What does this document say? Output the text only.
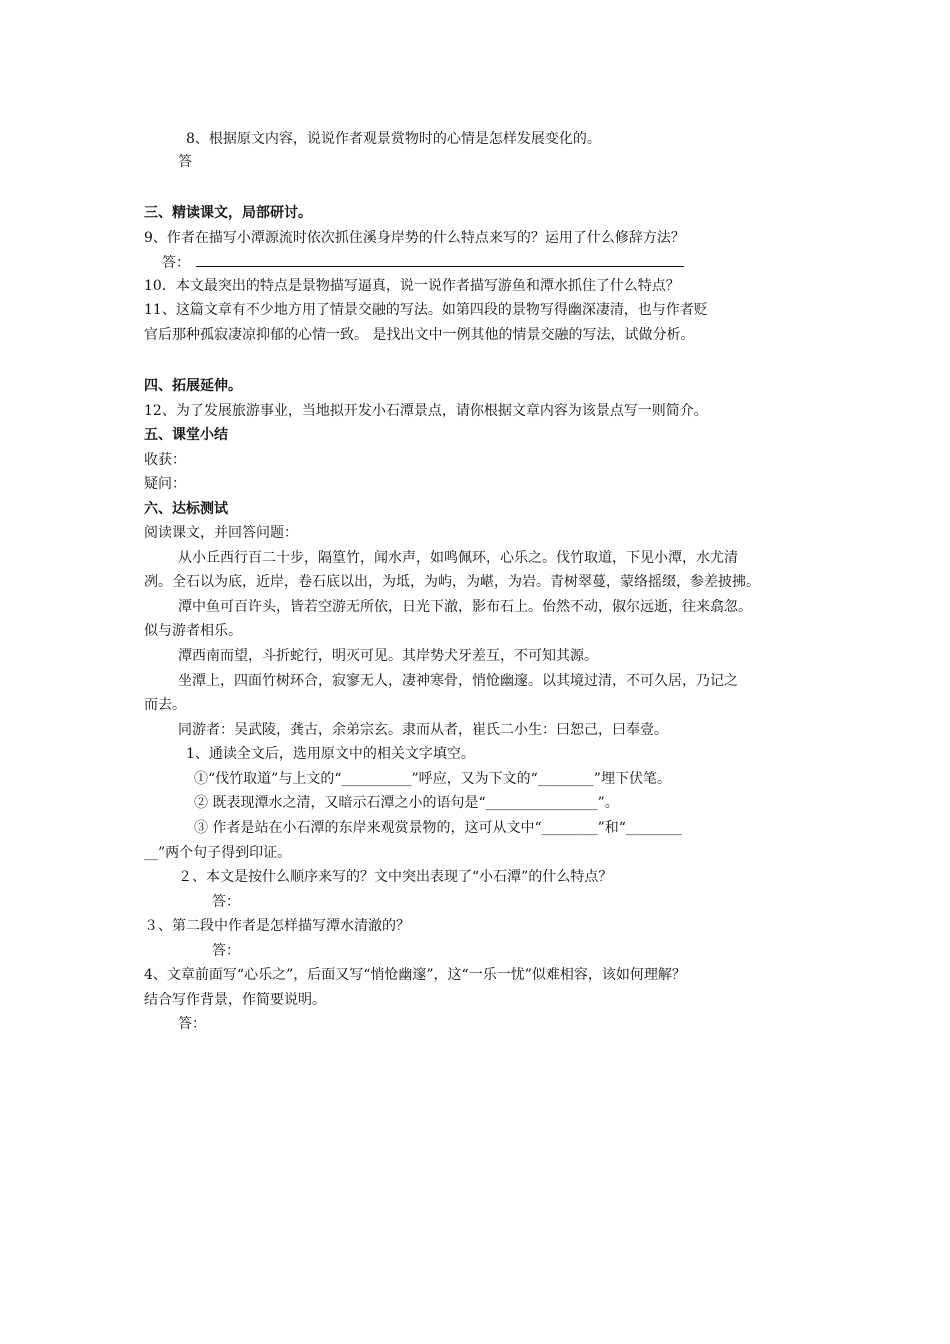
8、根据原文内容，说说作者观景赏物时的心情是怎样发展变化的。
答
三、精读课文，局部研讨。
9、作者在描写小潭源流时依次抓住溪身岸势的什么特点来写的？运用了什么修辞方法？
答：
10．本文最突出的特点是景物描写逼真，说一说作者描写游鱼和潭水抓住了什么特点？
11、这篇文章有不少地方用了情景交融的写法。如第四段的景物写得幽深凄清，也与作者贬
官后那种孤寂凄凉抑郁的心情一致。 是找出文中一例其他的情景交融的写法，试做分析。
四、拓展延伸。
12、为了发展旅游事业，当地拟开发小石潭景点，请你根据文章内容为该景点写一则简介。
五、课堂小结
收获：
疑问：
六、达标测试
阅读课文，并回答问题：
从小丘西行百二十步，隔篁竹，闻水声，如鸣佩环，心乐之。伐竹取道，下见小潭，水尤清
冽。全石以为底，近岸，卷石底以出，为坻，为屿，为嵁，为岩。青树翠蔓，蒙络摇缀，参差披拂。
潭中鱼可百许头，皆若空游无所依，日光下澈，影布石上。佁然不动，俶尔远逝，往来翕忽。
似与游者相乐。
潭西南而望，斗折蛇行，明灭可见。其岸势犬牙差互，不可知其源。
坐潭上，四面竹树环合，寂寥无人，凄神寒骨，悄怆幽邃。以其境过清，不可久居，乃记之
而去。
同游者：吴武陵，龚古，余弟宗玄。隶而从者，崔氏二小生：曰恕己，曰奉壹。
1、通读全文后，选用原文中的相关文字填空。
①“伐竹取道”与上文的“__________”呼应，又为下文的“________”埋下伏笔。
② 既表现潭水之清，又暗示石潭之小的语句是“________________”。
③ 作者是站在小石潭的东岸来观赏景物的，这可从文中“________”和“________
__”两个句子得到印证。
２、本文是按什么顺序来写的？文中突出表现了“小石潭”的什么特点？
答：
３、第二段中作者是怎样描写潭水清澈的？
答：
4、文章前面写“心乐之”，后面又写“悄怆幽邃”，这“一乐一忧”似难相容，该如何理解？
结合写作背景，作简要说明。
答：
